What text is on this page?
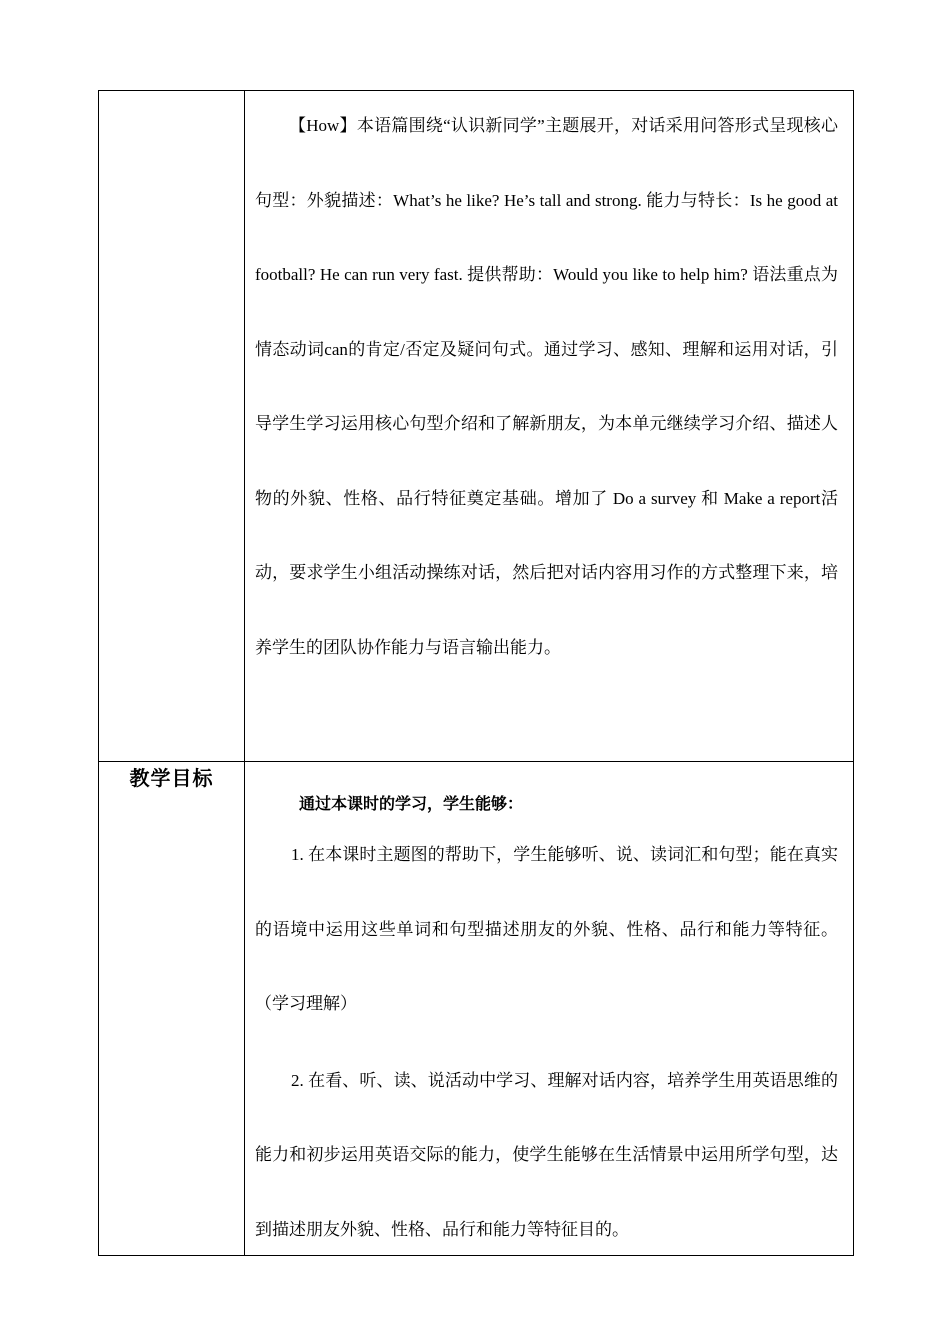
	【How】本语篇围绕“认识新同学”主题展开，对话采用问答形式呈现核心句型：外貌描述：What’s he like? He’s tall and strong. 能力与特长：Is he good at football? He can run very fast. 提供帮助：Would you like to help him? 语法重点为情态动词can的肯定/否定及疑问句式。通过学习、感知、理解和运用对话，引导学生学习运用核心句型介绍和了解新朋友，为本单元继续学习介绍、描述人物的外貌、性格、品行特征奠定基础。增加了 Do a survey 和 Make a report活动，要求学生小组活动操练对话，然后把对话内容用习作的方式整理下来，培养学生的团队协作能力与语言输出能力。

教学目标	通过本课时的学习，学生能够：

1. 在本课时主题图的帮助下，学生能够听、说、读词汇和句型；能在真实的语境中运用这些单词和句型描述朋友的外貌、性格、品行和能力等特征。（学习理解）

2. 在看、听、读、说活动中学习、理解对话内容，培养学生用英语思维的能力和初步运用英语交际的能力，使学生能够在生活情景中运用所学句型，达到描述朋友外貌、性格、品行和能力等特征目的。
